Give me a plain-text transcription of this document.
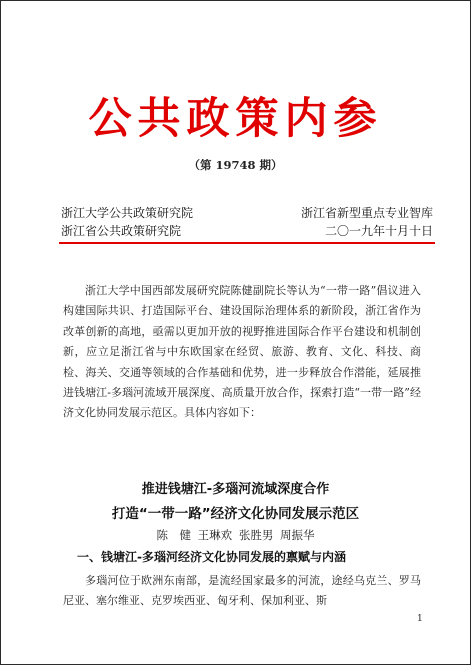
公共政策内参
（第 19748 期）
浙江大学公共政策研究院	浙江省新型重点专业智库
浙江省公共政策研究院	二〇一九年十月十日

浙江大学中国西部发展研究院陈健副院长等认为“一带一路”倡议进入构建国际共识、打造国际平台、建设国际治理体系的新阶段，浙江省作为改革创新的高地，亟需以更加开放的视野推进国际合作平台建设和机制创新，应立足浙江省与中东欧国家在经贸、旅游、教育、文化、科技、商检、海关、交通等领域的合作基础和优势，进一步释放合作潜能，延展推进钱塘江-多瑙河流域开展深度、高质量开放合作，探索打造“一带一路”经济文化协同发展示范区。具体内容如下：

推进钱塘江-多瑙河流域深度合作
打造“一带一路”经济文化协同发展示范区
陈　健 王琳欢 张胜男 周振华
一、钱塘江-多瑙河经济文化协同发展的禀赋与内涵

多瑙河位于欧洲东南部，是流经国家最多的河流，途经乌克兰、罗马尼亚、塞尔维亚、克罗埃西亚、匈牙利、保加利亚、斯

1
